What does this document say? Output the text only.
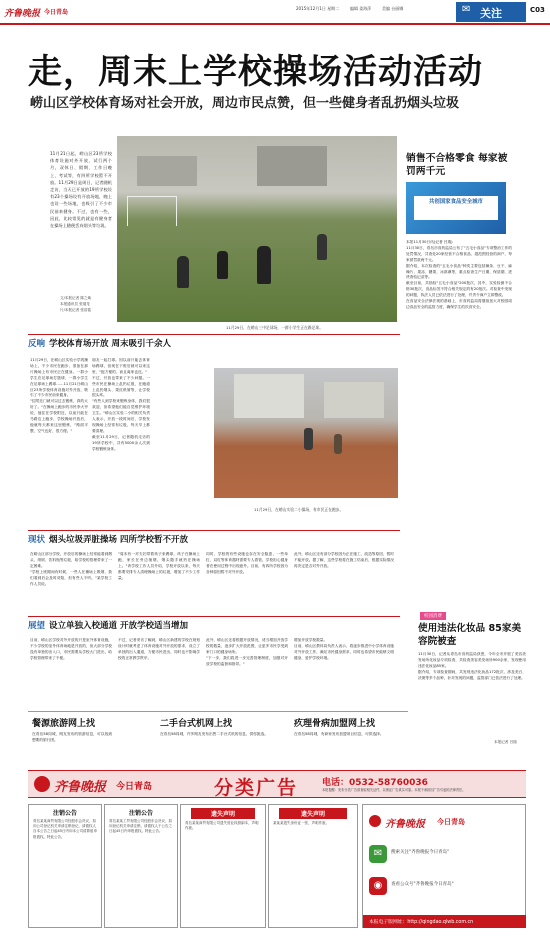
齐鲁晚报 今日青岛
2015年12月1日 星期二	编辑 姜海萍	美编 台丽娜	✉ 关注	C03
走，周末上学校操场活动活动
崂山区学校体育场对社会开放，周边市民点赞，但一些健身者乱扔烟头垃圾
11月21日起，崂山区23所学校体育设施对外开放，试行两个月，双休日、假期、工作日晚上、考试等，有四所学校暂不开放。11月29日是周日，记者随机走访，当天已开放的19所学校设有23个操场设有开放场地，晚上也设一些场地，也吸引了不少市民前来健身。不过，也有一些，因此，比较常见的就是有健身者在操场上随便丢弃烟头等垃圾。
文/本报记者 陈之焕
本报通讯员 张瑞龙
片/本报记者 张浩铭
11月29日，在崂山三中足球场，一群小学生正在踢足球。
销售不合格零食 每家被罚两千元
共创国家食品安全城市
本报11月30日讯(记者 吕瑞)
11月30日，青岛市食药监局公布了"五毛小食品"专项整治工作的处罚情况，共查处20家经营不合格食品、超范围经营的商户，每家被罚款两千元。
据介绍，本次检查的"五毛小食品"种类主要包括辣条、豆干、麻辣片、果冻、糖果、冰淇淋等，重点检查生产日期、保质期、进货查验记录等。
截至目前，共抽检"五毛小食品"200批次，其中，实验检测不合格30批次，食品标签不符合相关规定的有20批次。对检查中发现的问题，执法人员已依法进行了处理，并责令商户立即整改。
在食品安全法律法规的基础上，市食药监局将继续加大对校园周边食品安全的监管力度，确保学生的饮食安全。
校园消费
使用违法化妆品 85家美容院被查
11月30日，记者从青岛市食药监局获悉，今年全市开展了美容美发场所化妆品专项检查，共检查美容美发场所900余家，发现使用违法化妆品85家。
据介绍，专项检查期间，共发现违法化妆品172批次，涉及美白、祛斑等多个品种，针对发现的问题，监管部门已依法进行了处理。
本报记者 吕瑞
反响 学校体育场开放 周末吸引千余人
11月29日，在崂山区实验小学的操场上，不少市民在跑步，准备在那片操场上有市民正在健身。一群小学生在足球场打篮球，一群小学生在足球场上踢球……11月21日崂山区23所学校体育设施对外开放，吸引了不少市民前来健身。
"住附近门就可以过去锻炼，真的太好了。"在操场上跑步的市民李大爷说，他住在学校附近，以前只能在马路边上跑步，学校操场开放后，他就每天都来这里锻炼，"路面平整，空气也好，很方便。"
朋友一起打球。因以前只能去体育场踢球，但现在下班后就可以来这里，"挺方便的，而且离家也近。"
不过，开放也带来了不少问题。一些市民在操场上乱扔垃圾，在跑道上乱扔烟头、果皮纸屑等，让学校很头疼。
"有些人到学校来锻炼身体，我们很欢迎，但希望他们能自觉维护环境卫生。"崂山区实验二小的相关负责人表示，开放一段时间后，学校发现操场上经常有垃圾，每天早上都要清理。
截至11月29日，记者随机走访的19所学校中，共有5000余人次到学校锻炼身体。
11月29日，在崂山实验二小操场，有市民正在跑步。
现状 烟头垃圾弄脏操场 四所学校暂不开放
在崂山区部分学校，开放后的操场上经常能看到烟头、纸屑、饮料瓶等垃圾，给学校的管理带来了一定困难。
"学校上班期间有时候，一些人在操场上吸烟，我们看到后会及时劝阻，但有些人不听。"某学校工作人员说。
"周末有一对夫妇带着孩子来踢球，孩子在操场上跑，家长在旁边抽烟，烟头随手就扔在操场上。"该学校工作人员介绍，学校开放以来，每天都要安排专人清理操场上的垃圾，增加了不少工作量。
同时，学校的有些设施也存在安全隐患，一些单杠、双杠等体育器材需要专人看管，学校担心健身者在使用过程中出现意外。目前，有四所学校因为各种原因暂不对外开放。
此外，崂山区还有部分学校因为正在施工、改造等原因，暂时不能开放。据了解，这些学校将在施工结束后，根据实际情况再决定是否对外开放。
展望 设立单独入校通道 开放学校适当增加
目前，崂山区学校对外开放的只是室外体育设施，不少学校的室外体育场地是开放的，但大部分学校没有单独的出入口，市民需要从学校大门进出，给学校管理带来了不便。
不过，记者采访了解到，崂山区新建的学校在规划设计时就考虑了体育设施对外开放的需求，设立了单独的出入通道，方便市民进出，同时也不影响学校的正常教学秩序。
此外，崂山区还将根据开放情况，适当增加开放学校的数量，逐步扩大开放范围，让更多市民享受到家门口的健身场所。
"下一步，我们将进一步完善管理制度，加强对开放学校的监督和指导。"
增加开放学校数量。
目前，崂山区教体局负责人表示，将逐步推进中小学体育设施对外开放工作，满足市民健身需求，同时也希望市民能够文明健身，爱护学校环境。
餐源旅游网上找
在青岛58同城，网友发布的旅游信息，可以找到想要的旅行团。
二手台式机网上找
在青岛58同城，许多网友发布出售二手台式机的信息，供你挑选。
疚理骨病加盟网上找
在青岛58同城，有商家发布加盟项目信息，可供选择。
齐鲁晚报 今日青岛	分类广告	电话：0532-58760036
本报提醒：发布分类广告请查验相关证件，以保证广告真实可靠。本报不承担因广告引起的法律责任。
注销公告
青岛某某商贸有限公司经股东会决议，拟向公司登记机关申请注销登记，请债权人自本公告之日起45日内向本公司清算组申报债权。特此公告。
注销公告
青岛某某工贸有限公司经股东会决议，拟向登记机关申请注销，请债权人于公告之日起45日内申报债权。特此公告。
遗失声明
青岛某某商贸有限公司遗失营业执照副本，声明作废。
遗失声明
某某某遗失身份证一张，声明作废。	齐鲁晚报 今日青岛
✉	搜索关注"齐鲁晚报今日青岛"
◉	查看公众号"齐鲁晚报今日青岛"
本报电子版网址：http://qingdao.qlwb.com.cn
